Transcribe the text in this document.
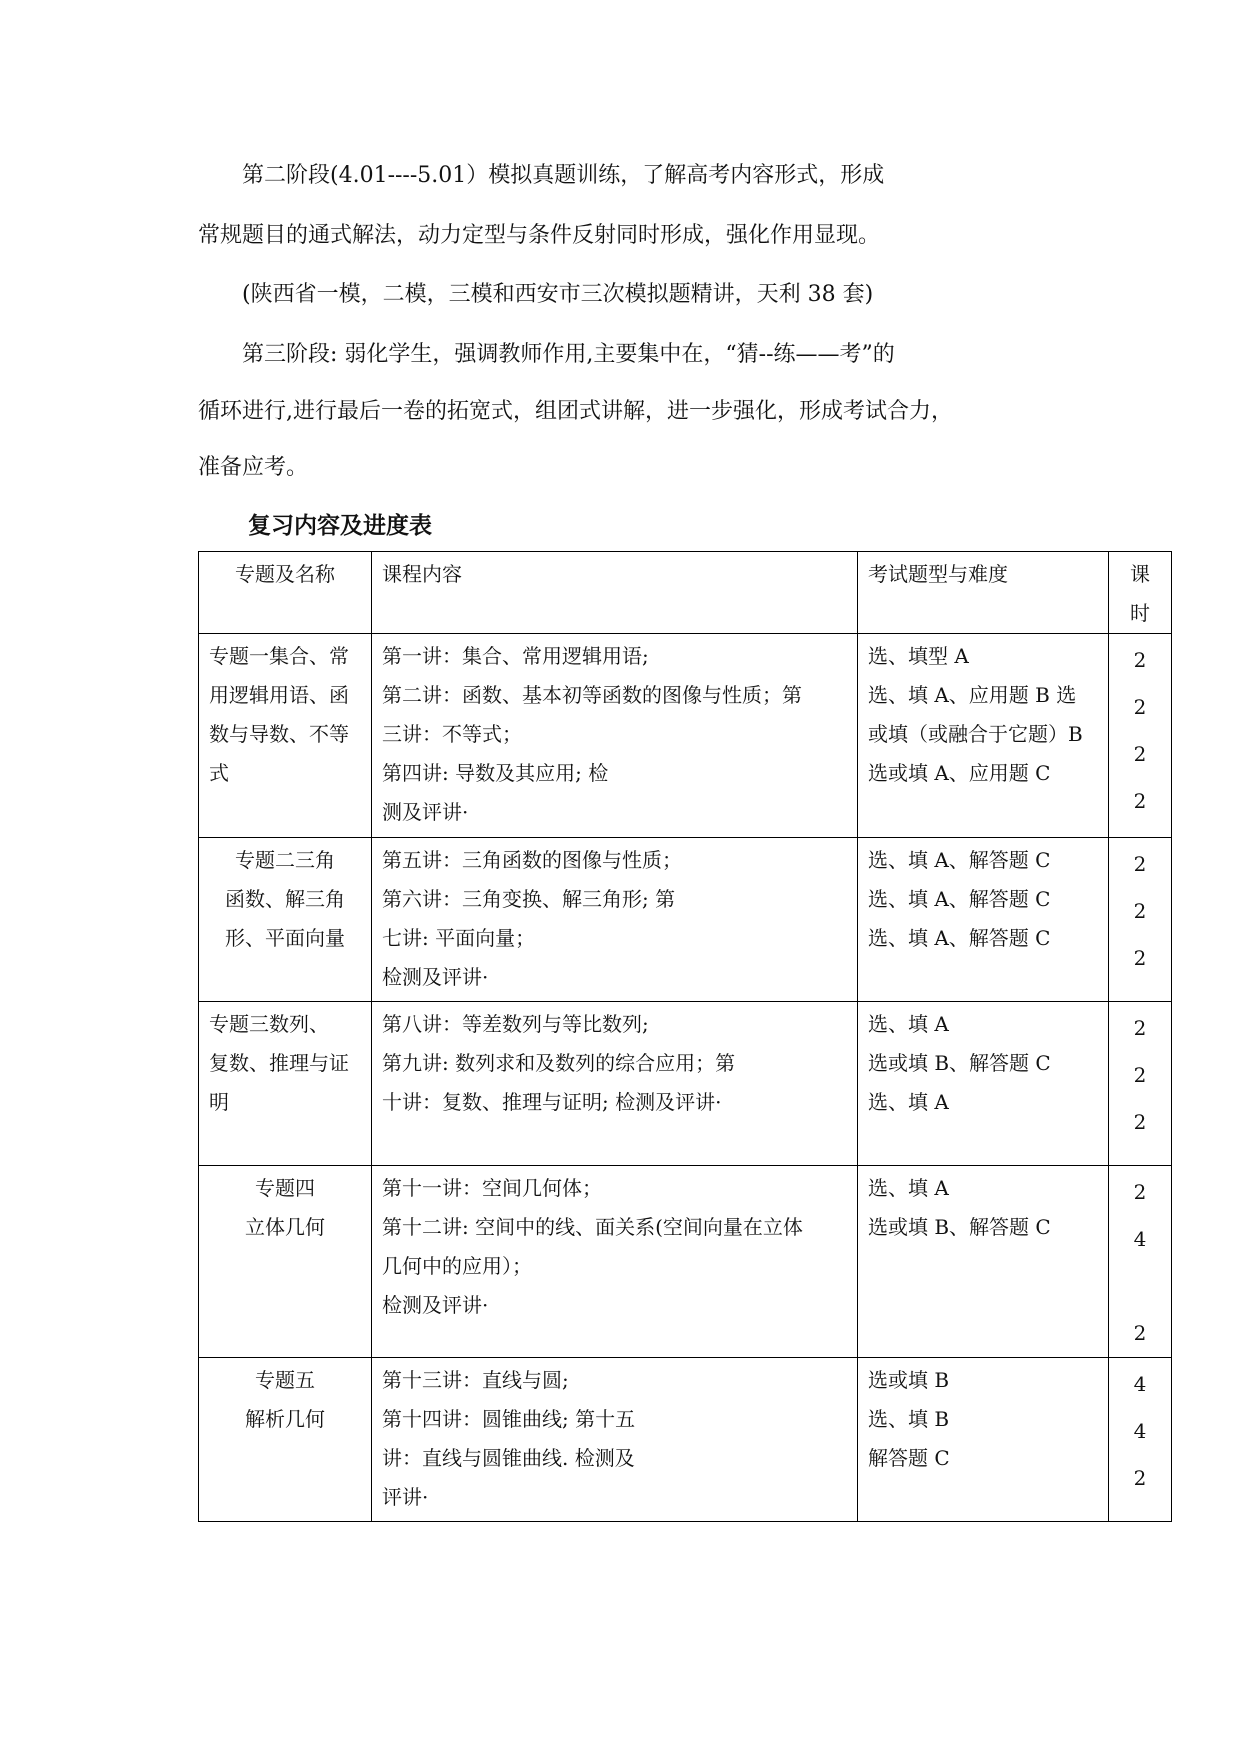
　　第二阶段(4.01----5.01）模拟真题训练，了解高考内容形式，形成
常规题目的通式解法，动力定型与条件反射同时形成，强化作用显现。
　　(陕西省一模，二模，三模和西安市三次模拟题精讲，天利 38 套)
　　第三阶段: 弱化学生，强调教师作用,主要集中在，“猜--练——考”的
循环进行,进行最后一卷的拓宽式，组团式讲解，进一步强化，形成考试合力，
准备应考。
复习内容及进度表
专题及名称	课程内容	考试题型与难度	课
时

专题一集合、常用逻辑用语、函数与导数、不等式	第一讲：集合、常用逻辑用语;
第二讲：函数、基本初等函数的图像与性质；第
三讲：不等式；
第四讲: 导数及其应用; 检
测及评讲·	选、填型 A
选、填 A、应用题 B 选
或填（或融合于它题）B
选或填 A、应用题 C	2
2
2
2

专题二三角
函数、解三角
形、平面向量	第五讲：三角函数的图像与性质；
第六讲：三角变换、解三角形; 第
七讲: 平面向量；
检测及评讲·	选、填 A、解答题 C
选、填 A、解答题 C
选、填 A、解答题 C	2
2
2

专题三数列、
复数、推理与证
明	第八讲：等差数列与等比数列;
第九讲: 数列求和及数列的综合应用；第
十讲：复数、推理与证明; 检测及评讲·	选、填 A
选或填 B、解答题 C
选、填 A	2
2
2

专题四
立体几何	第十一讲：空间几何体；
第十二讲: 空间中的线、面关系(空间向量在立体
几何中的应用）；
检测及评讲·	选、填 A
选或填 B、解答题 C	2
4
2

专题五
解析几何	第十三讲：直线与圆;
第十四讲：圆锥曲线; 第十五
讲：直线与圆锥曲线. 检测及
评讲·	选或填 B
选、填 B
解答题 C	4
4
2
